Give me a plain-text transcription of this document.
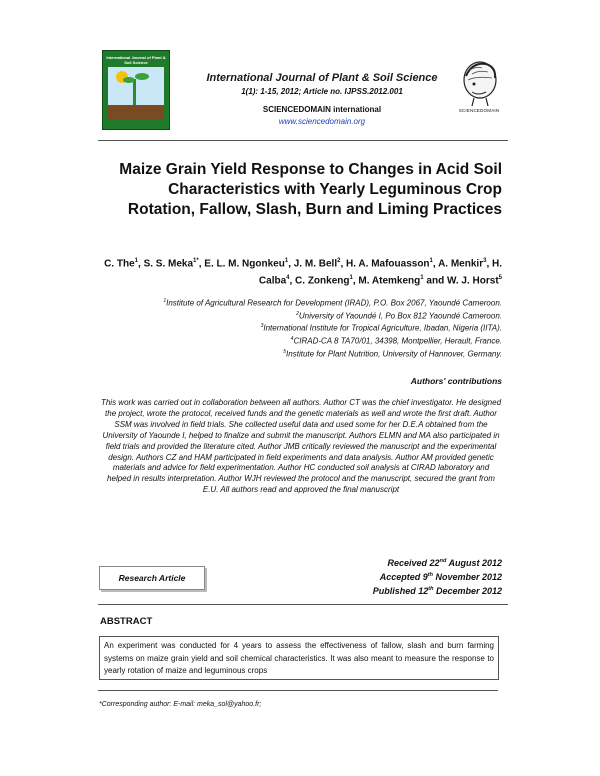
International Journal of Plant & Soil Science
International Journal of Plant & Soil Science
1(1): 1-15, 2012; Article no. IJPSS.2012.001
SCIENCEDOMAIN international
www.sciencedomain.org
SCIENCEDOMAIN
Maize Grain Yield Response to Changes in Acid Soil Characteristics with Yearly Leguminous Crop Rotation, Fallow, Slash, Burn and Liming Practices
C. The$^1$, S. S. Meka$^{1*}$, E. L. M. Ngonkeu$^1$, J. M. Bell$^2$, H. A. Mafouasson$^1$, A. Menkir$^3$, H. Calba$^4$, C. Zonkeng$^1$, M. Atemkeng$^1$ and W. J. Horst$^5$
$^1$Institute of Agricultural Research for Development (IRAD), P.O. Box 2067, Yaoundé Cameroon.
$^2$University of Yaoundé I, Po Box 812 Yaoundé Cameroon.
$^3$International Institute for Tropical Agriculture, Ibadan, Nigeria (IITA).
$^4$CIRAD-CA 8 TA70/01, 34398, Montpellier, Herault, France.
$^5$Institute for Plant Nutrition, University of Hannover, Germany.
Authors' contributions
This work was carried out in collaboration between all authors. Author CT was the chief investigator. He designed the project, wrote the protocol, received funds and the genetic materials as well and wrote the first draft. Author SSM was involved in field trials. She collected useful data and used some for her D.E.A obtained from the University of Yaounde I, helped to finalize and submit the manuscript. Authors ELMN and MA also participated in field trials and provided the literature cited. Author JMB critically reviewed the manuscript and the experimental design. Authors CZ and HAM participated in field experiments and data analysis. Author AM provided genetic materials and advice for field experimentation. Author HC conducted soil analysis at CIRAD laboratory and helped in results interpretation. Author WJH reviewed the protocol and the manuscript, secured the grant from E.U. All authors read and approved the final manuscript
Received 22nd August 2012
Accepted 9th November 2012
Published 12th December 2012
Research Article
ABSTRACT
An experiment was conducted for 4 years to assess the effectiveness of fallow, slash and burn farming systems on maize grain yield and soil chemical characteristics. It was also meant to measure the response to yearly rotation of maize and leguminous crops
*Corresponding author: E-mail: meka_sol@yahoo.fr;
